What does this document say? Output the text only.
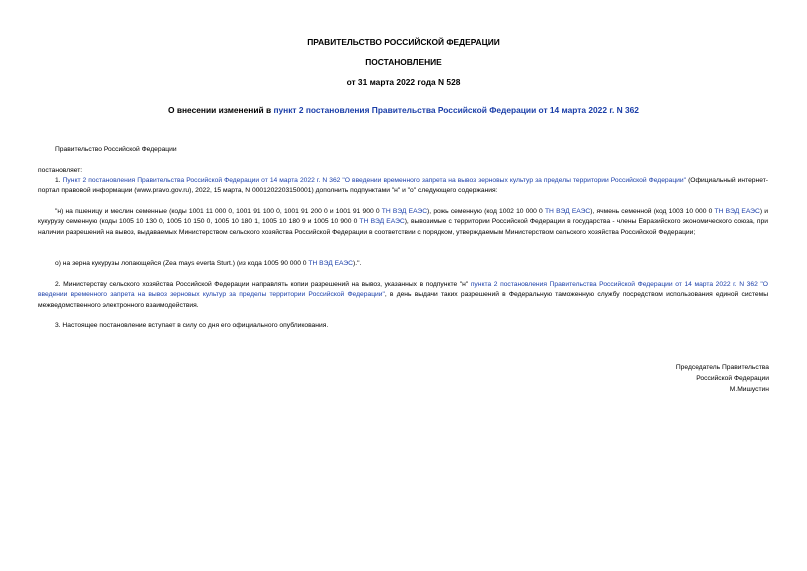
ПРАВИТЕЛЬСТВО РОССИЙСКОЙ ФЕДЕРАЦИИ
ПОСТАНОВЛЕНИЕ
от 31 марта 2022 года N 528
О внесении изменений в пункт 2 постановления Правительства Российской Федерации от 14 марта 2022 г. N 362
Правительство Российской Федерации
постановляет:
1. Пункт 2 постановления Правительства Российской Федерации от 14 марта 2022 г. N 362 "О введении временного запрета на вывоз зерновых культур за пределы территории Российской Федерации" (Официальный интернет-портал правовой информации (www.pravo.gov.ru), 2022, 15 марта, N 0001202203150001) дополнить подпунктами "н" и "о" следующего содержания:
"н) на пшеницу и меслин семенные (коды 1001 11 000 0, 1001 91 100 0, 1001 91 200 0 и 1001 91 900 0 ТН ВЭД ЕАЭС), рожь семенную (код 1002 10 000 0 ТН ВЭД ЕАЭС), ячмень семенной (код 1003 10 000 0 ТН ВЭД ЕАЭС) и кукурузу семенную (коды 1005 10 130 0, 1005 10 150 0, 1005 10 180 1, 1005 10 180 9 и 1005 10 900 0 ТН ВЭД ЕАЭС), вывозимые с территории Российской Федерации в государства - члены Евразийского экономического союза, при наличии разрешений на вывоз, выдаваемых Министерством сельского хозяйства Российской Федерации в соответствии с порядком, утверждаемым Министерством сельского хозяйства Российской Федерации;
о) на зерна кукурузы лопающейся (Zea mays everta Sturt.) (из кода 1005 90 000 0 ТН ВЭД ЕАЭС).".
2. Министерству сельского хозяйства Российской Федерации направлять копии разрешений на вывоз, указанных в подпункте "н" пункта 2 постановления Правительства Российской Федерации от 14 марта 2022 г. N 362 "О введении временного запрета на вывоз зерновых культур за пределы территории Российской Федерации", в день выдачи таких разрешений в Федеральную таможенную службу посредством использования единой системы межведомственного электронного взаимодействия.
3. Настоящее постановление вступает в силу со дня его официального опубликования.
Председатель Правительства
Российской Федерации
М.Мишустин
